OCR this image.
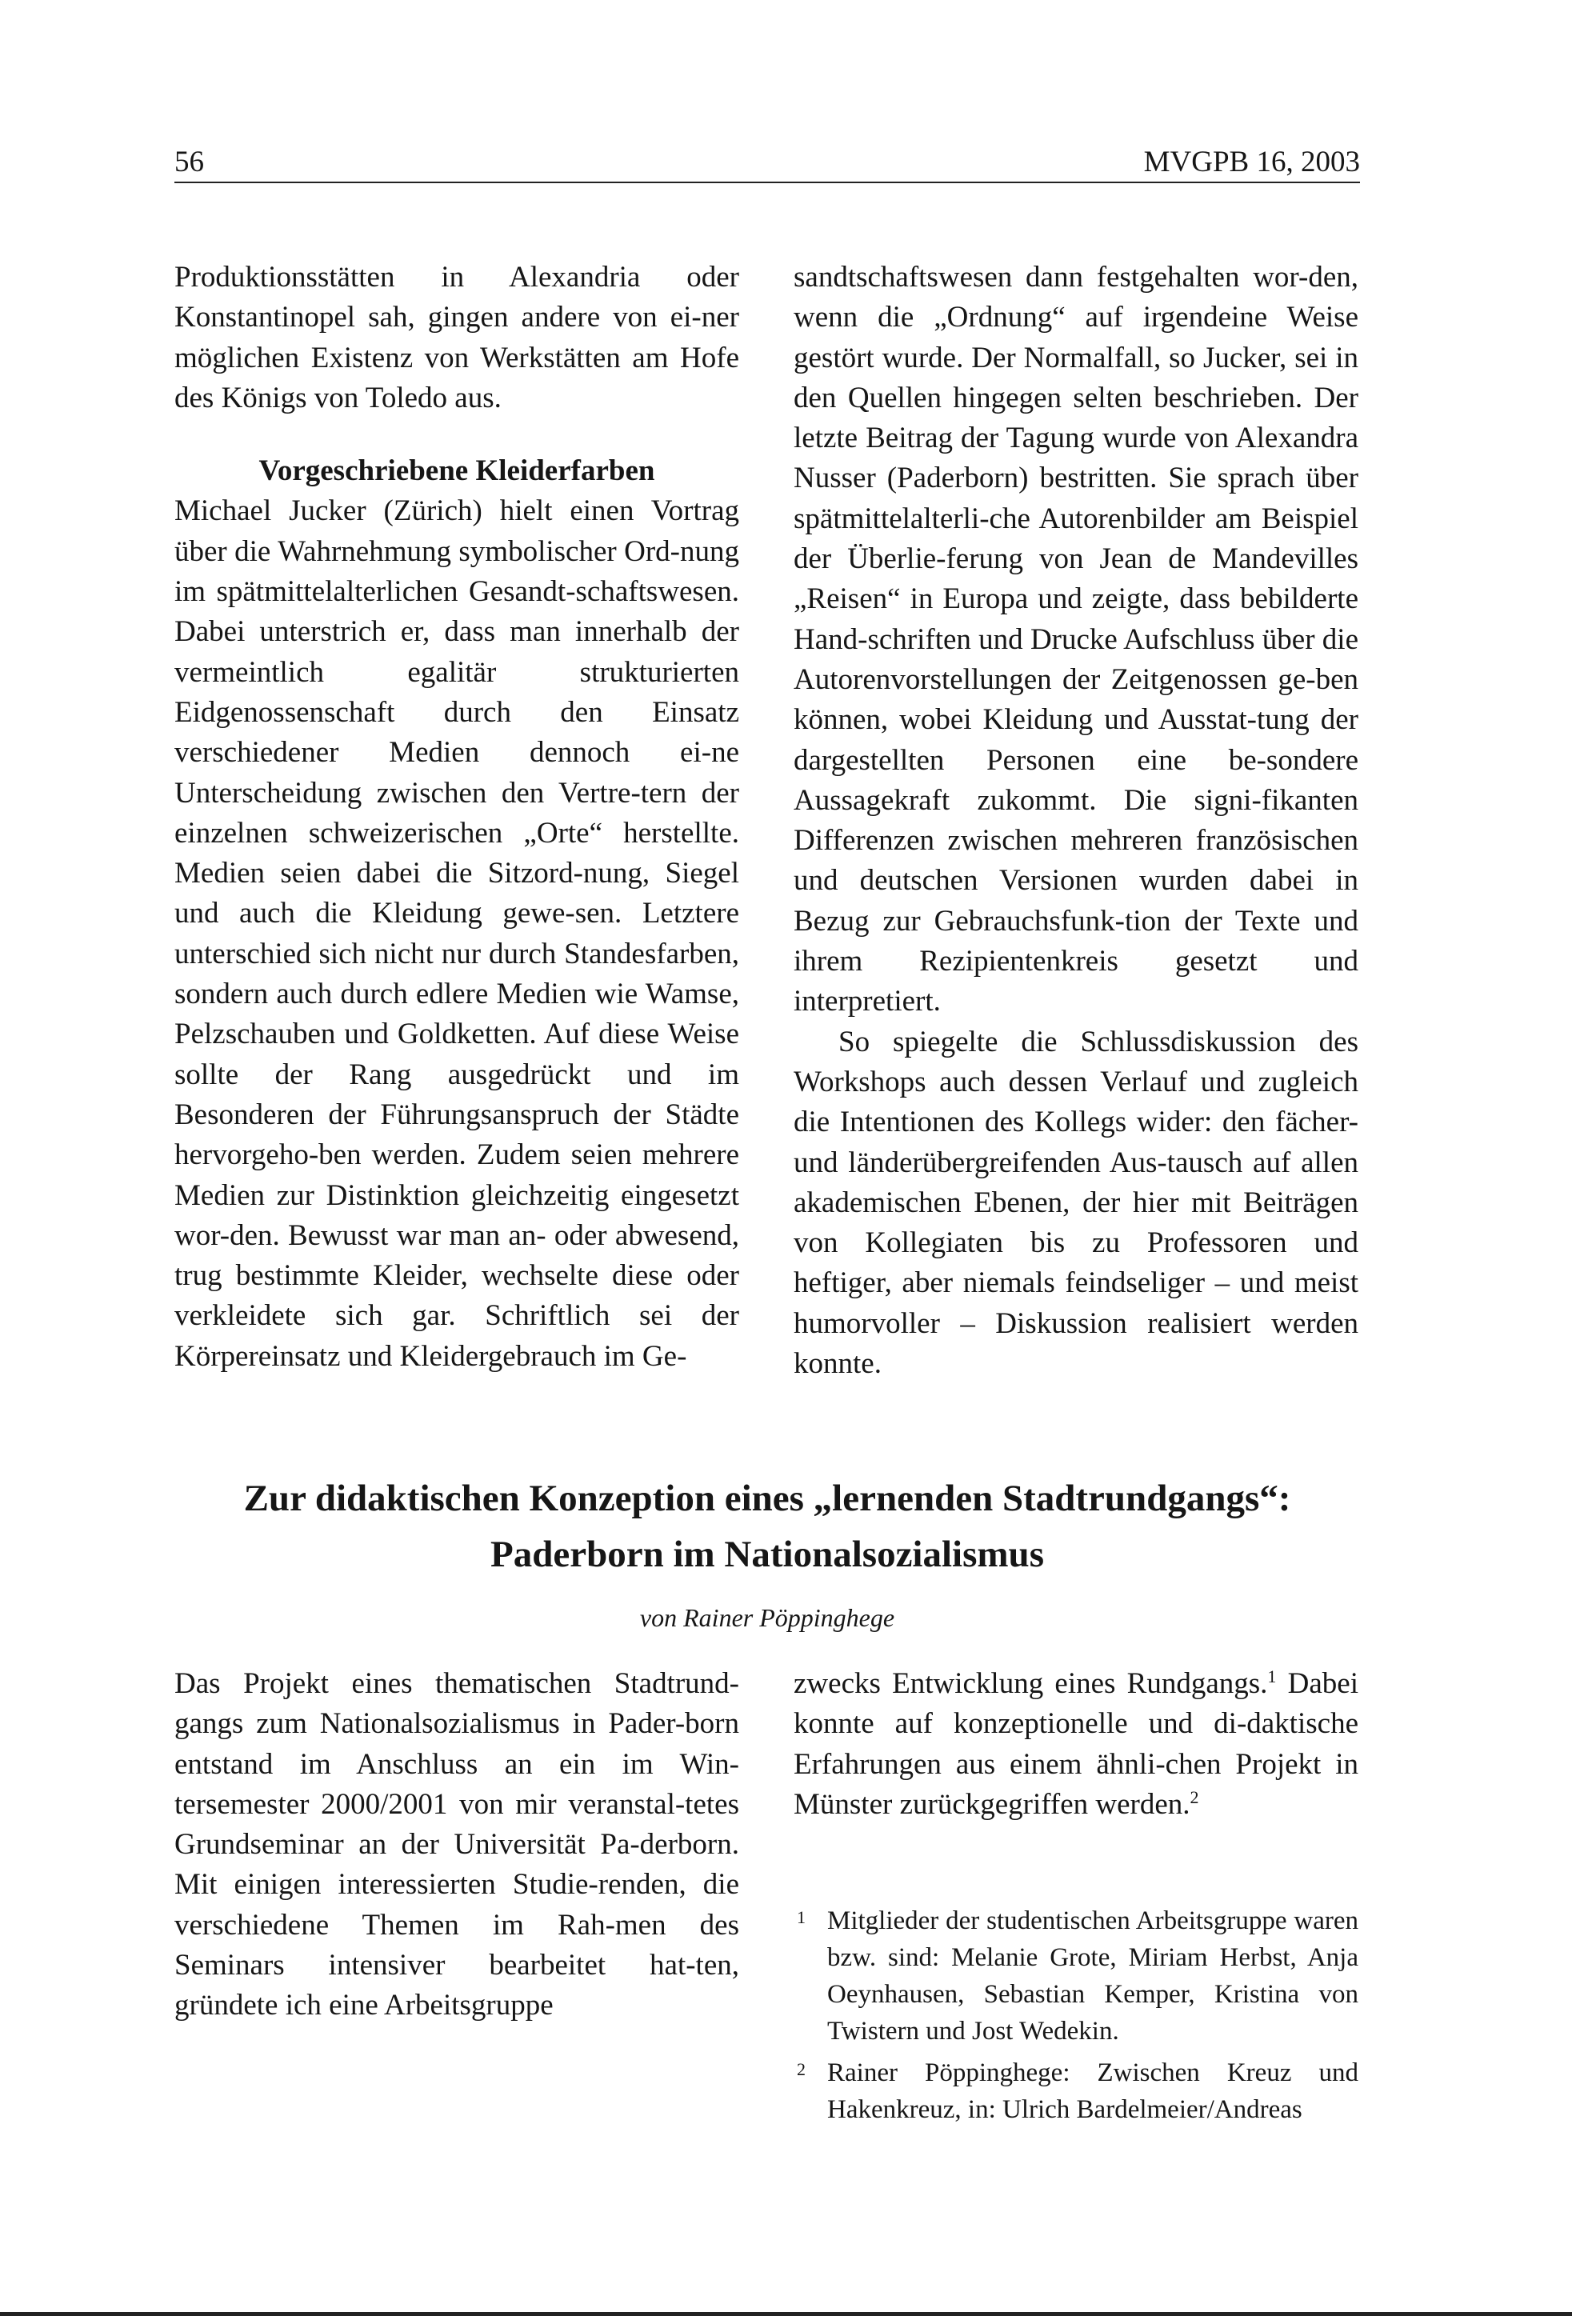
56	MVGPB 16, 2003

Produktionsstätten in Alexandria oder Konstantinopel sah, gingen andere von ei-ner möglichen Existenz von Werkstätten am Hofe des Königs von Toledo aus.

Vorgeschriebene Kleiderfarben

Michael Jucker (Zürich) hielt einen Vortrag über die Wahrnehmung symbolischer Ord-nung im spätmittelalterlichen Gesandt-schaftswesen. Dabei unterstrich er, dass man innerhalb der vermeintlich egalitär strukturierten Eidgenossenschaft durch den Einsatz verschiedener Medien dennoch ei-ne Unterscheidung zwischen den Vertre-tern der einzelnen schweizerischen „Orte“ herstellte. Medien seien dabei die Sitzord-nung, Siegel und auch die Kleidung gewe-sen. Letztere unterschied sich nicht nur durch Standesfarben, sondern auch durch edlere Medien wie Wamse, Pelzschauben und Goldketten. Auf diese Weise sollte der Rang ausgedrückt und im Besonderen der Führungsanspruch der Städte hervorgeho-ben werden. Zudem seien mehrere Medien zur Distinktion gleichzeitig eingesetzt wor-den. Bewusst war man an- oder abwesend, trug bestimmte Kleider, wechselte diese oder verkleidete sich gar. Schriftlich sei der Körpereinsatz und Kleidergebrauch im Ge-

sandtschaftswesen dann festgehalten wor-den, wenn die „Ordnung“ auf irgendeine Weise gestört wurde. Der Normalfall, so Jucker, sei in den Quellen hingegen selten beschrieben. Der letzte Beitrag der Tagung wurde von Alexandra Nusser (Paderborn) bestritten. Sie sprach über spätmittelalterli-che Autorenbilder am Beispiel der Überlie-ferung von Jean de Mandevilles „Reisen“ in Europa und zeigte, dass bebilderte Hand-schriften und Drucke Aufschluss über die Autorenvorstellungen der Zeitgenossen ge-ben können, wobei Kleidung und Ausstat-tung der dargestellten Personen eine be-sondere Aussagekraft zukommt. Die signi-fikanten Differenzen zwischen mehreren französischen und deutschen Versionen wurden dabei in Bezug zur Gebrauchsfunk-tion der Texte und ihrem Rezipientenkreis gesetzt und interpretiert.

So spiegelte die Schlussdiskussion des Workshops auch dessen Verlauf und zugleich die Intentionen des Kollegs wider: den fächer- und länderübergreifenden Aus-tausch auf allen akademischen Ebenen, der hier mit Beiträgen von Kollegiaten bis zu Professoren und heftiger, aber niemals feindseliger – und meist humorvoller – Diskussion realisiert werden konnte.

Zur didaktischen Konzeption eines „lernenden Stadtrundgangs“:
Paderborn im Nationalsozialismus
von Rainer Pöppinghege

Das Projekt eines thematischen Stadtrund-gangs zum Nationalsozialismus in Pader-born entstand im Anschluss an ein im Win-tersemester 2000/2001 von mir veranstal-tetes Grundseminar an der Universität Pa-derborn. Mit einigen interessierten Studie-renden, die verschiedene Themen im Rah-men des Seminars intensiver bearbeitet hat-ten, gründete ich eine Arbeitsgruppe

zwecks Entwicklung eines Rundgangs.$^1$ Dabei konnte auf konzeptionelle und di-daktische Erfahrungen aus einem ähnli-chen Projekt in Münster zurückgegriffen werden.$^2$

1 Mitglieder der studentischen Arbeitsgruppe waren bzw. sind: Melanie Grote, Miriam Herbst, Anja Oeynhausen, Sebastian Kemper, Kristina von Twistern und Jost Wedekin.
2 Rainer Pöppinghege: Zwischen Kreuz und Hakenkreuz, in: Ulrich Bardelmeier/Andreas
